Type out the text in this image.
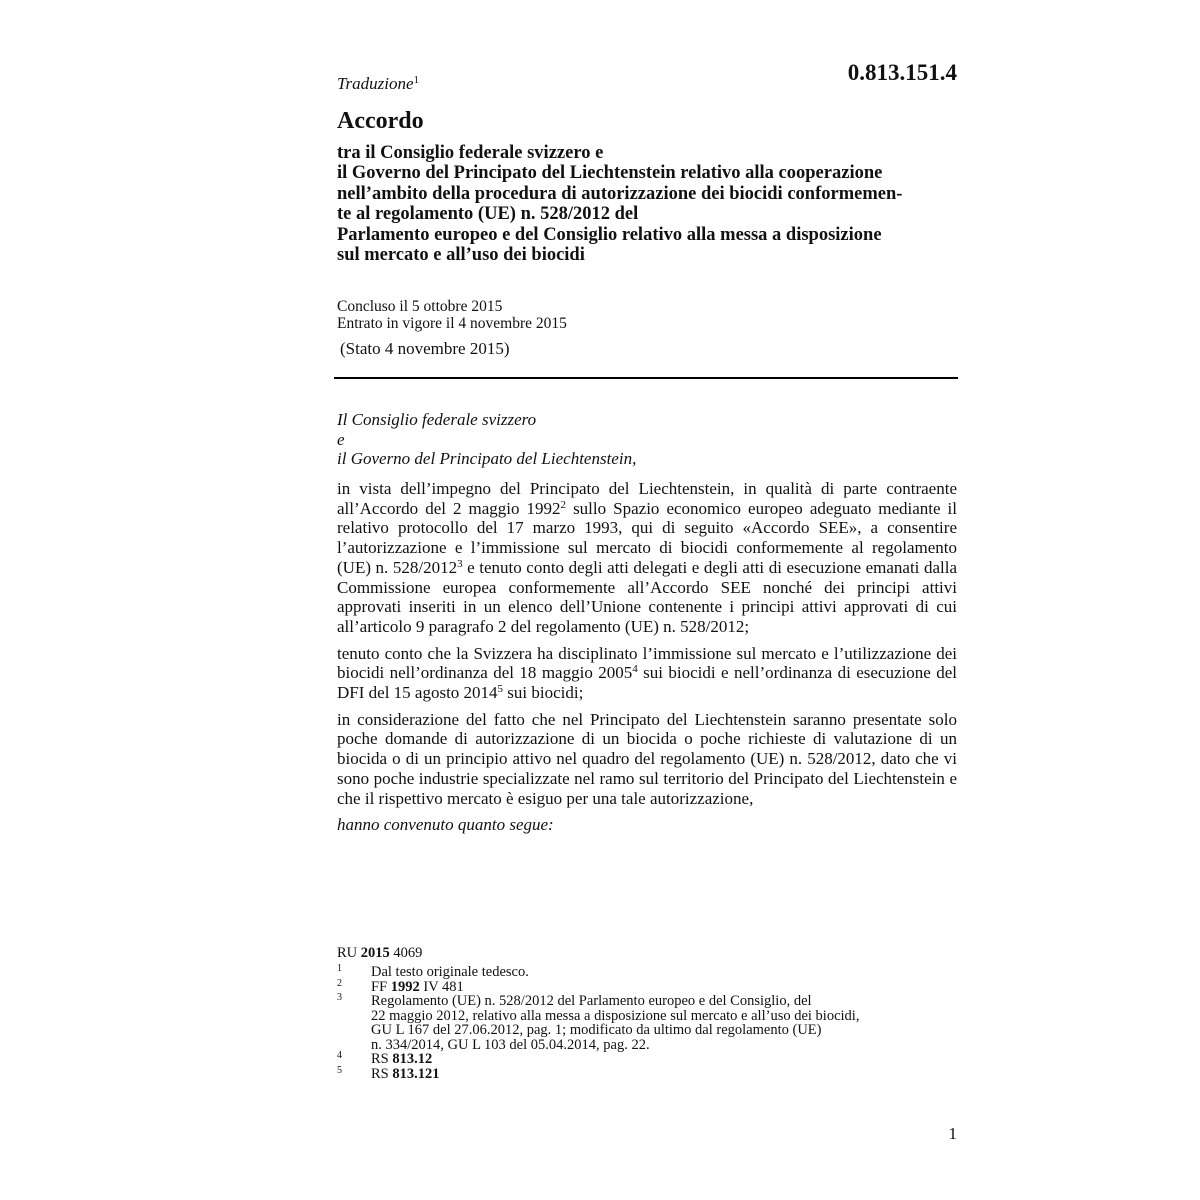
0.813.151.4
Traduzione$^1$
Accordo
tra il Consiglio federale svizzero e
il Governo del Principato del Liechtenstein relativo alla cooperazione
nell’ambito della procedura di autorizzazione dei biocidi conformemen-
te al regolamento (UE) n. 528/2012 del
Parlamento europeo e del Consiglio relativo alla messa a disposizione
sul mercato e all’uso dei biocidi
Concluso il 5 ottobre 2015
Entrato in vigore il 4 novembre 2015
(Stato 4 novembre 2015)
Il Consiglio federale svizzero
e
il Governo del Principato del Liechtenstein,

in vista dell’impegno del Principato del Liechtenstein, in qualità di parte contraente all’Accordo del 2 maggio 1992$^2$ sullo Spazio economico europeo adeguato mediante il relativo protocollo del 17 marzo 1993, qui di seguito «Accordo SEE», a consentire l’autorizzazione e l’immissione sul mercato di biocidi conformemente al regolamento (UE) n. 528/2012$^3$ e tenuto conto degli atti delegati e degli atti di esecuzione emanati dalla Commissione europea conformemente all’Accordo SEE nonché dei principi attivi approvati inseriti in un elenco dell’Unione contenente i principi attivi approvati di cui all’articolo 9 paragrafo 2 del regolamento (UE) n. 528/2012;

tenuto conto che la Svizzera ha disciplinato l’immissione sul mercato e l’utilizzazione dei biocidi nell’ordinanza del 18 maggio 2005$^4$ sui biocidi e nell’ordinanza di esecuzione del DFI del 15 agosto 2014$^5$ sui biocidi;

in considerazione del fatto che nel Principato del Liechtenstein saranno presentate solo poche domande di autorizzazione di un biocida o poche richieste di valutazione di un biocida o di un principio attivo nel quadro del regolamento (UE) n. 528/2012, dato che vi sono poche industrie specializzate nel ramo sul territorio del Principato del Liechtenstein e che il rispettivo mercato è esiguo per una tale autorizzazione,

hanno convenuto quanto segue:

RU 2015 4069
1 Dal testo originale tedesco.
2 FF 1992 IV 481
3 Regolamento (UE) n. 528/2012 del Parlamento europeo e del Consiglio, del
22 maggio 2012, relativo alla messa a disposizione sul mercato e all’uso dei biocidi,
GU L 167 del 27.06.2012, pag. 1; modificato da ultimo dal regolamento (UE)
n. 334/2014, GU L 103 del 05.04.2014, pag. 22.
4 RS 813.12
5 RS 813.121
1
